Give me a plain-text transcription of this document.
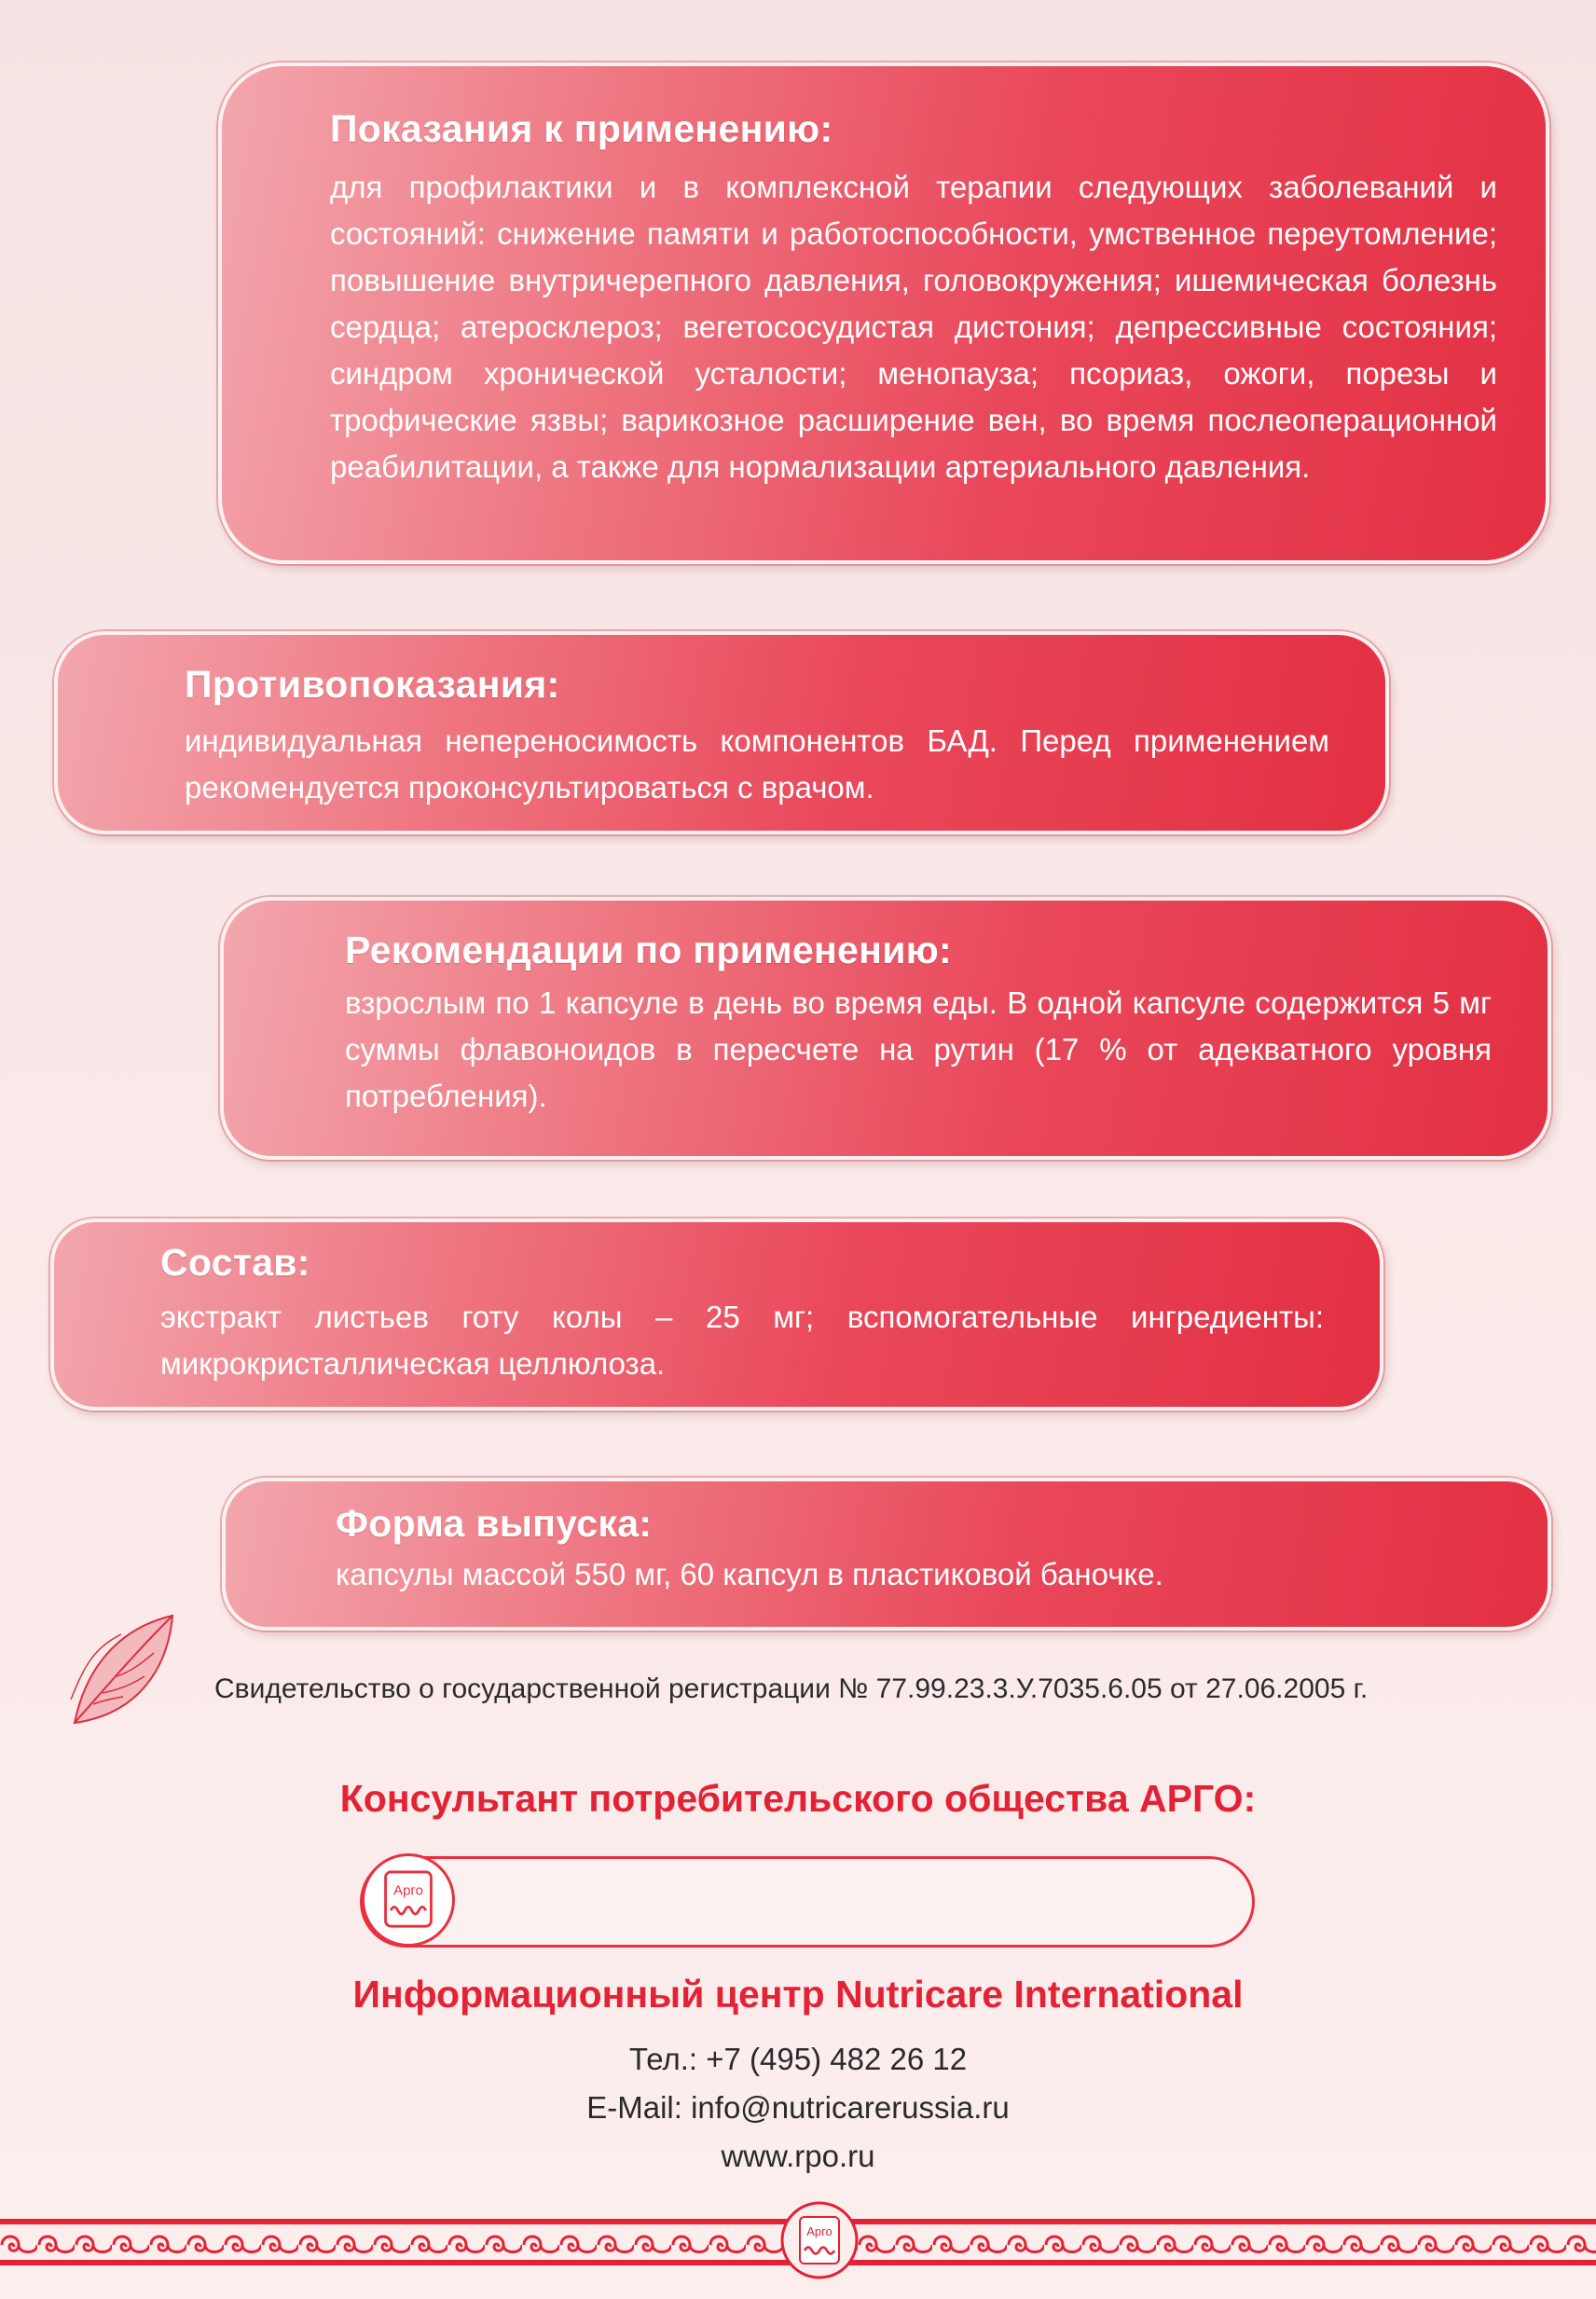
Показания к применению:

для профилактики и в комплексной терапии следующих заболеваний и состояний: снижение памяти и работоспособности, умственное переутомление; повышение внутричерепного давления, головокружения; ишемическая болезнь сердца; атеросклероз; вегетососудистая дистония; депрессивные состояния; синдром хронической усталости; менопауза; псориаз, ожоги, порезы и трофические язвы; варикозное расширение вен, во время послеоперационной реабилитации, а также для нормализации артериального давления.

Противопоказания:

индивидуальная непереносимость компонентов БАД. Перед применением рекомендуется проконсультироваться с врачом.

Рекомендации по применению:

взрослым по 1 капсуле в день во время еды. В одной капсуле содержится 5 мг суммы флавоноидов в пересчете на рутин (17 % от адекватного уровня потребления).

Состав:

экстракт листьев готу колы – 25 мг; вспомогательные ингредиенты: микрокристаллическая целлюлоза.

Форма выпуска:

капсулы массой 550 мг, 60 капсул в пластиковой баночке.

Свидетельство о государственной регистрации № 77.99.23.3.У.7035.6.05 от 27.06.2005 г.
Консультант потребительского общества АРГО:
Арго
Информационный центр Nutricare International
Тел.: +7 (495) 482 26 12
E-Mail: info@nutricarerussia.ru
www.rpo.ru
Арго
